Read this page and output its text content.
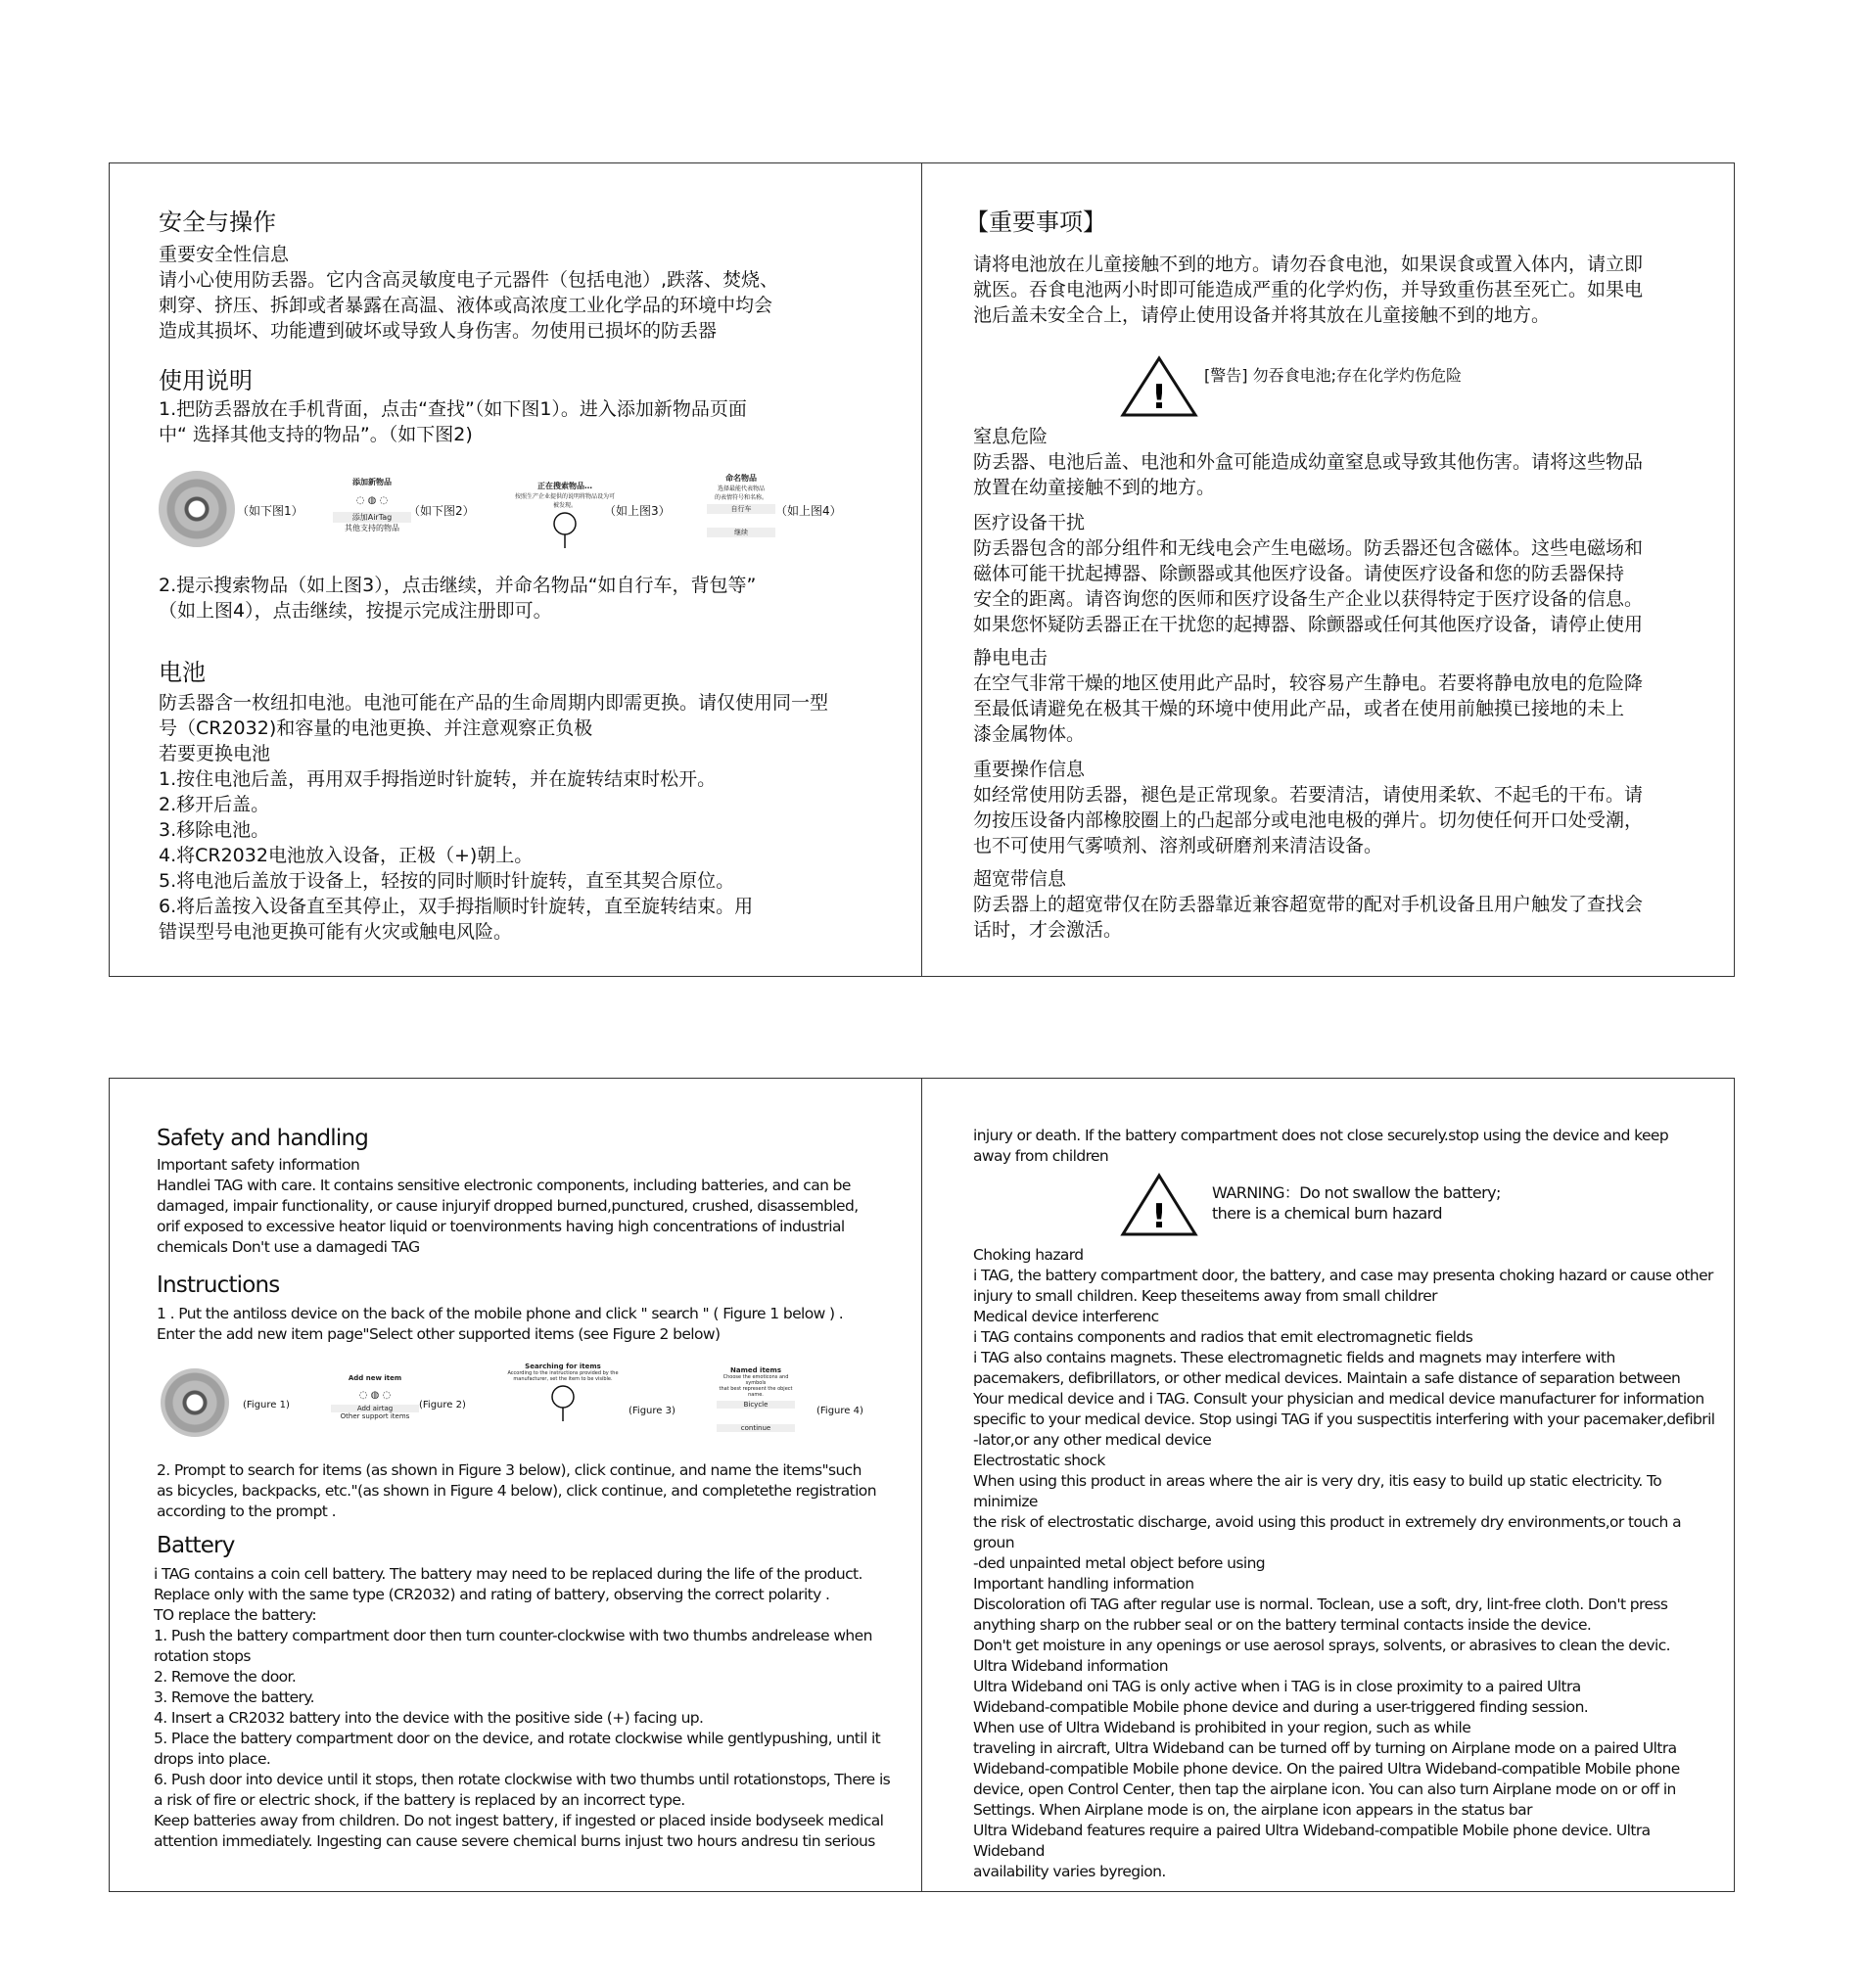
安全与操作

重要安全性信息

请小心使用防丢器。它内含高灵敏度电子元器件（包括电池）,跌落、焚烧、

刺穿、挤压、拆卸或者暴露在高温、液体或高浓度工业化学品的环境中均会

造成其损坏、功能遭到破坏或导致人身伤害。勿使用已损坏的防丢器

使用说明

1.把防丢器放在手机背面，点击“查找”（如下图1）。进入添加新物品页面

中“ 选择其他支持的物品”。（如下图2)

（如下图1）
添加新物品
◌ ◍ ◌
添加AirTag
其他支持的物品
（如下图2）
正在搜索物品…
按照生产企业提供的说明将物品设为可
被发现。	（如上图3）
命名物品
选择最能代表物品
的表情符号和名称。
自行车
继续
（如上图4）

2.提示搜索物品（如上图3），点击继续，并命名物品“如自行车，背包等”

（如上图4），点击继续，按提示完成注册即可。

电池

防丢器含一枚纽扣电池。电池可能在产品的生命周期内即需更换。请仅使用同一型

号（CR2032)和容量的电池更换、并注意观察正负极

若要更换电池

1.按住电池后盖，再用双手拇指逆时针旋转，并在旋转结束时松开。

2.移开后盖。

3.移除电池。

4.将CR2032电池放入设备，正极（+)朝上。

5.将电池后盖放于设备上，轻按的同时顺时针旋转，直至其契合原位。

6.将后盖按入设备直至其停止，双手拇指顺时针旋转，直至旋转结束。用

错误型号电池更换可能有火灾或触电风险。

【重要事项】

请将电池放在儿童接触不到的地方。请勿吞食电池，如果误食或置入体内，请立即

就医。吞食电池两小时即可能造成严重的化学灼伤，并导致重伤甚至死亡。如果电

池后盖未安全合上，请停止使用设备并将其放在儿童接触不到的地方。

!
[警告] 勿吞食电池;存在化学灼伤危险

窒息危险

防丢器、电池后盖、电池和外盒可能造成幼童窒息或导致其他伤害。请将这些物品

放置在幼童接触不到的地方。

医疗设备干扰

防丢器包含的部分组件和无线电会产生电磁场。防丢器还包含磁体。这些电磁场和

磁体可能干扰起搏器、除颤器或其他医疗设备。请使医疗设备和您的防丢器保持

安全的距离。请咨询您的医师和医疗设备生产企业以获得特定于医疗设备的信息。

如果您怀疑防丢器正在干扰您的起搏器、除颤器或任何其他医疗设备，请停止使用

静电电击

在空气非常干燥的地区使用此产品时，较容易产生静电。若要将静电放电的危险降

至最低请避免在极其干燥的环境中使用此产品，或者在使用前触摸已接地的未上

漆金属物体。

重要操作信息

如经常使用防丢器，褪色是正常现象。若要清洁，请使用柔软、不起毛的干布。请

勿按压设备内部橡胶圈上的凸起部分或电池电极的弹片。切勿使任何开口处受潮，

也不可使用气雾喷剂、溶剂或研磨剂来清洁设备。

超宽带信息

防丢器上的超宽带仅在防丢器靠近兼容超宽带的配对手机设备且用户触发了查找会

话时，才会激活。

Safety and handling

Important safety information

Handlei TAG with care. It contains sensitive electronic components, including batteries, and can be

damaged, impair functionality, or cause injuryif dropped burned,punctured, crushed, disassembled,

orif exposed to excessive heator liquid or toenvironments having high concentrations of industrial

chemicals Don't use a damagedi TAG

Instructions

1 . Put the antiloss device on the back of the mobile phone and click " search " ( Figure 1 below ) .

Enter the add new item page"Select other supported items (see Figure 2 below)

(Figure 1)
Add new item
◌ ◍ ◌
Add airtag
Other support items
(Figure 2)
Searching for items
According to the instructions provided by the
manufacturer, set the item to be visible.
(Figure 3)
Named items
Choose the emoticons and symbols
that best represent the object name.
Bicycle
continue
(Figure 4)

2. Prompt to search for items (as shown in Figure 3 below), click continue, and name the items"such

as bicycles, backpacks, etc."(as shown in Figure 4 below), click continue, and completethe registration

according to the prompt .

Battery

i TAG contains a coin cell battery. The battery may need to be replaced during the life of the product.

Replace only with the same type (CR2032) and rating of battery, observing the correct polarity .

TO replace the battery:

1. Push the battery compartment door then turn counter-clockwise with two thumbs andrelease when

rotation stops

2. Remove the door.

3. Remove the battery.

4. Insert a CR2032 battery into the device with the positive side (+) facing up.

5. Place the battery compartment door on the device, and rotate clockwise while gentlypushing, until it

drops into place.

6. Push door into device until it stops, then rotate clockwise with two thumbs until rotationstops, There is

a risk of fire or electric shock, if the battery is replaced by an incorrect type.

Keep batteries away from children. Do not ingest battery, if ingested or placed inside bodyseek medical

attention immediately. Ingesting can cause severe chemical burns injust two hours andresu tin serious

injury or death. If the battery compartment does not close securely.stop using the device and keep

away from children

!

WARNING：Do not swallow the battery;

there is a chemical burn hazard

Choking hazard

i TAG, the battery compartment door, the battery, and case may presenta choking hazard or cause other

injury to small children. Keep theseitems away from small childrer

Medical device interferenc

i TAG contains components and radios that emit electromagnetic fields

i TAG also contains magnets. These electromagnetic fields and magnets may interfere with

pacemakers, defibrillators, or other medical devices. Maintain a safe distance of separation between

Your medical device and i TAG. Consult your physician and medical device manufacturer for information

specific to your medical device. Stop usingi TAG if you suspectitis interfering with your pacemaker,defibril

-lator,or any other medical device

Electrostatic shock

When using this product in areas where the air is very dry, itis easy to build up static electricity. To minimize

the risk of electrostatic discharge, avoid using this product in extremely dry environments,or touch a groun

-ded unpainted metal object before using

Important handling information

Discoloration ofi TAG after regular use is normal. Toclean, use a soft, dry, lint-free cloth. Don't press

anything sharp on the rubber seal or on the battery terminal contacts inside the device.

Don't get moisture in any openings or use aerosol sprays, solvents, or abrasives to clean the devic.

Ultra Wideband information

Ultra Wideband oni TAG is only active when i TAG is in close proximity to a paired Ultra

Wideband-compatible Mobile phone device and during a user-triggered finding session.

When use of Ultra Wideband is prohibited in your region, such as while

traveling in aircraft, Ultra Wideband can be turned off by turning on Airplane mode on a paired Ultra

Wideband-compatible Mobile phone device. On the paired Ultra Wideband-compatible Mobile phone

device, open Control Center, then tap the airplane icon. You can also turn Airplane mode on or off in

Settings. When Airplane mode is on, the airplane icon appears in the status bar

Ultra Wideband features require a paired Ultra Wideband-compatible Mobile phone device. Ultra Wideband

availability varies byregion.
